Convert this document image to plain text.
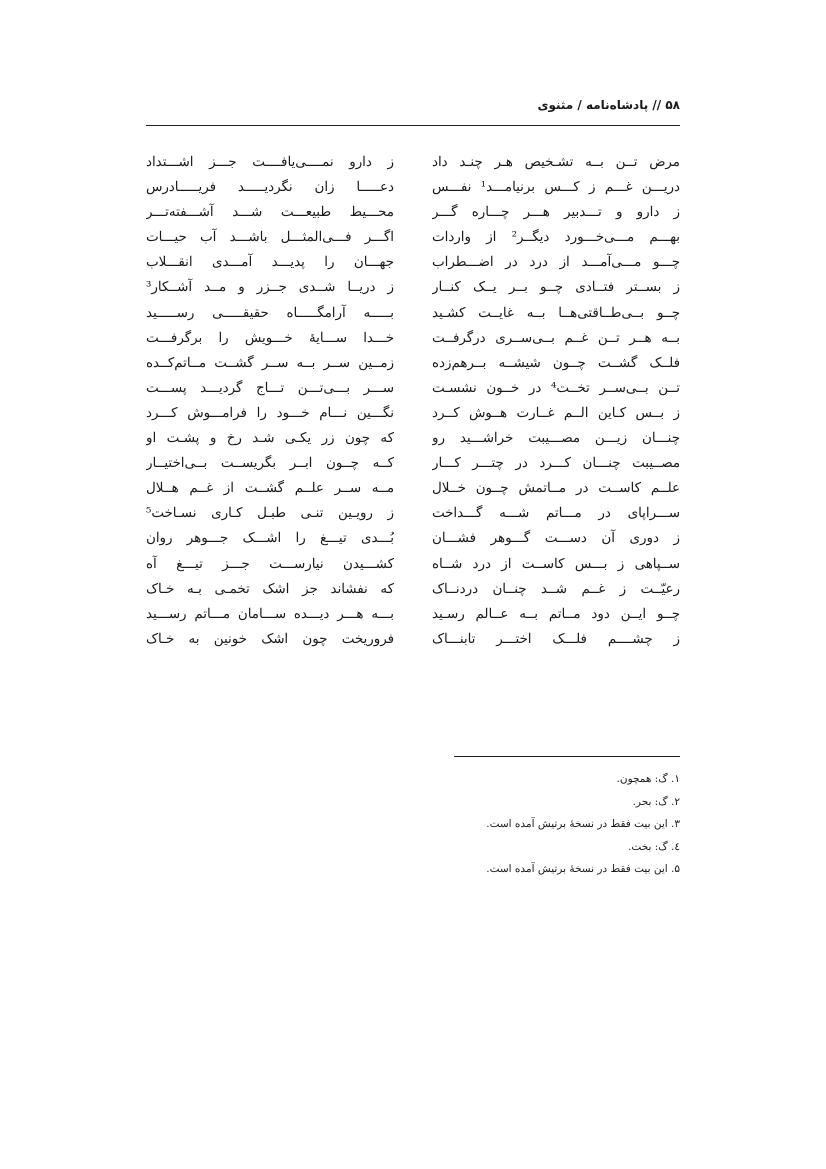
۵۸ // پادشاه‌نامه / مثنوی
مرض تــن بــه تشـخيص هـر چنـد داد
ز دارو نمــــی‌يافــــت جـــز اشـــتداد
دريـــن غـــم ز کـــس برنيامـــد¹ نفـــس
دعـــــا زان نگرديـــــد فريـــــادرس
ز دارو و تـــدبير هـــر چـــاره گـــر
محـــيط طبيعـــت شـــد آشـــفته‌تـــر
بهـــم مـــی‌خـــورد ديگــر² از واردات
اگـــر فـــی‌المثـــل باشـــد آب حيـــات
چـــو مـــی‌آمـــد از درد در اضـــطراب
جهـــان را پديـــد آمـــدی انقـــلاب
ز بســتر فتــادی چــو بــر يــک کنــار
ز دريــا شــدی جــزر و مــد آشــکار³
چــو بــی‌طــاقتی‌هــا بــه غايــت کشـيد
بـــــه آرامگـــــاه حقيقـــــی رســـــيد
بــه هــر تــن غــم بــی‌ســری درگرفــت
خـــدا ســـايهٔ خـــويش را برگرفـــت
فلــک گشــت چــون شيشــه بــرهم‌زده
زمــين ســر بــه ســر گشــت مــاتم‌کــده
تــن بــی‌ســر تخــت⁴ در خــون نشسـت
ســـر بـــی‌تـــن تـــاج گرديـــد پســـت
ز بــس کـاين الــم غــارت هــوش کــرد
نگـــين نـــام خـــود را فرامـــوش کـــرد
چنـــان زيـــن مصـــيبت خراشـــيد رو
که چون زر يکـی شـد رخ و پشـت او
مصــيبت چنـــان کـــرد در چتـــر کـــار
کــه چــون ابــر بگريســت بــی‌اختيــار
علــم کاســت در مــاتمش چــون خــلال
مــه ســر علــم گشــت از غــم هــلال
ســـراپای در مـــاتم شـــه گـــداخت
ز رويـين تنـی طبـل كـاری نسـاخت⁵
ز دوری آن دســـت گـــوهر فشـــان
بُـــدی تيـــغ را اشـــک جـــوهر روان
ســپاهی ز بـــس کاســت از درد شــاه
كشـــيدن نيارســـت جـــز تيـــغ آه
رعيّــت ز غــم شــد چنــان دردنــاک
که نفشاند جز اشک تخمـی بـه خـاک
چــو ايــن دود مــاتم بــه عــالم رسـيد
بـــه هـــر ديـــده ســـامان مـــاتم رســـيد
ز چشــــم فلـــک اختـــر تابنـــاک
فروريخت چون اشک خونين به خـاک
۱. گ: همچون.
۲. گ: بحر.
۳. این بیت فقط در نسخهٔ برتیش آمده است.
٤. گ: بخت.
۵. این بیت فقط در نسخهٔ برتیش آمده است.
